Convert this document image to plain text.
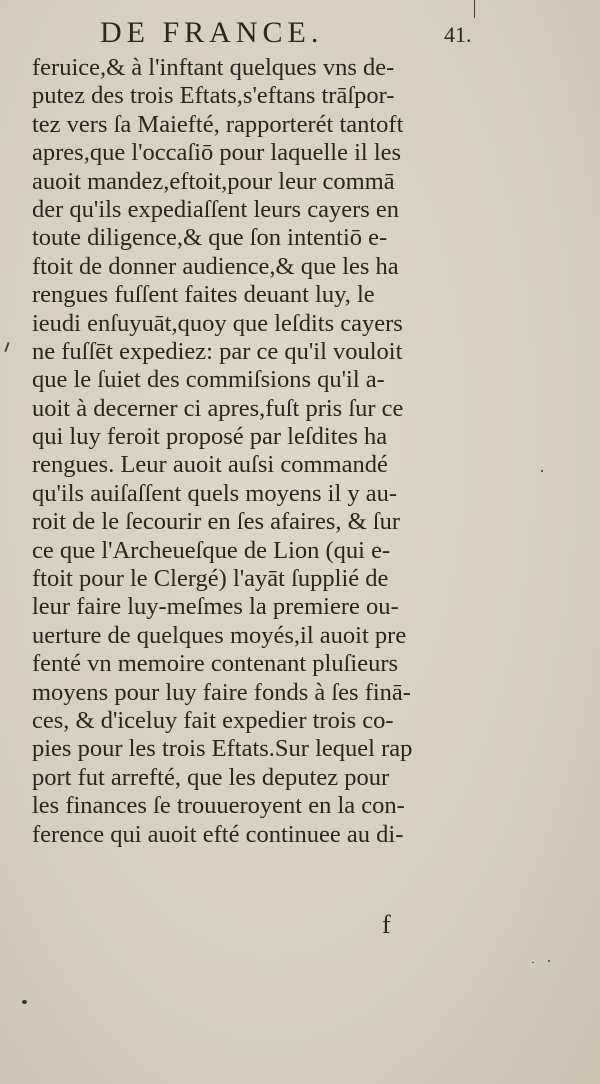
DE FRANCE.	41.
feruice,& à l'inftant quelques vns de-
putez des trois Eftats,s'eftans trāſpor-
tez vers ſa Maiefté, rapporterét tantoft
apres,que l'occaſiō pour laquelle il les
auoit mandez,eftoit,pour leur commā
der qu'ils expediaſſent leurs cayers en
toute diligence,& que ſon intentiō e-
ftoit de donner audience,& que les ha
rengues fuſſent faites deuant luy, le
ieudi enſuyuāt,quoy que leſdits cayers
ne fuſſēt expediez: par ce qu'il vouloit
que le ſuiet des commiſsions qu'il a-
uoit à decerner ci apres,fuſt pris ſur ce
qui luy feroit proposé par leſdites ha
rengues. Leur auoit auſsi commandé
qu'ils auiſaſſent quels moyens il y au-
roit de le ſecourir en ſes afaires, & ſur
ce que l'Archeueſque de Lion (qui e-
ftoit pour le Clergé) l'ayāt ſupplié de
leur faire luy-meſmes la premiere ou-
uerture de quelques moyés,il auoit pre
fenté vn memoire contenant pluſieurs
moyens pour luy faire fonds à ſes finā-
ces, & d'iceluy fait expedier trois co-
pies pour les trois Eftats.Sur lequel rap
port fut arrefté, que les deputez pour
les finances ſe trouueroyent en la con-
ference qui auoit efté continuee au di-
f
